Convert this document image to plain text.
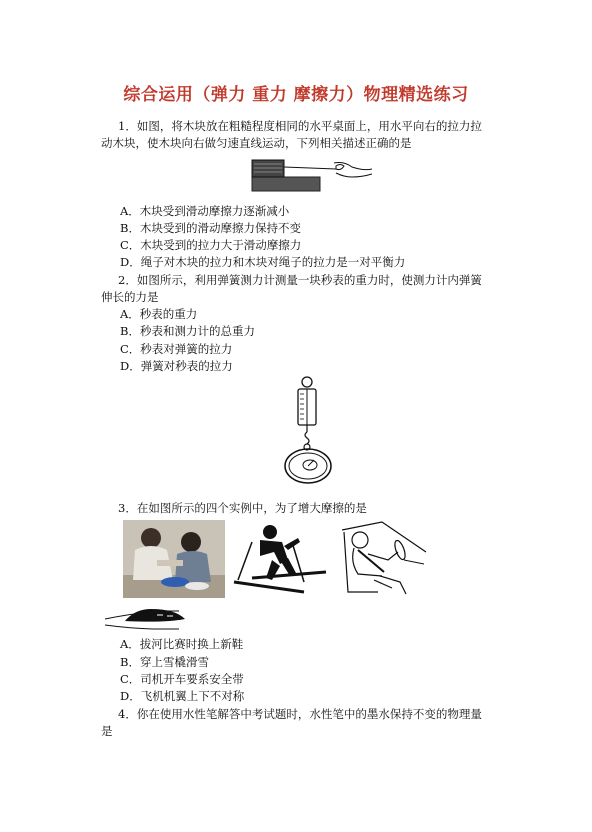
综合运用（弹力 重力 摩擦力）物理精选练习
1．如图，将木块放在粗糙程度相同的水平桌面上，用水平向右的拉力拉
动木块，使木块向右做匀速直线运动，下列相关描述正确的是
A．木块受到滑动摩擦力逐渐减小
B．木块受到的滑动摩擦力保持不变
C．木块受到的拉力大于滑动摩擦力
D．绳子对木块的拉力和木块对绳子的拉力是一对平衡力
2．如图所示，利用弹簧测力计测量一块秒表的重力时，使测力计内弹簧
伸长的力是
A．秒表的重力
B．秒表和测力计的总重力
C．秒表对弹簧的拉力
D．弹簧对秒表的拉力
3．在如图所示的四个实例中，为了增大摩擦的是
A．拔河比赛时换上新鞋
B．穿上雪橇滑雪
C．司机开车要系安全带
D．飞机机翼上下不对称
4．你在使用水性笔解答中考试题时，水性笔中的墨水保持不变的物理量
是
